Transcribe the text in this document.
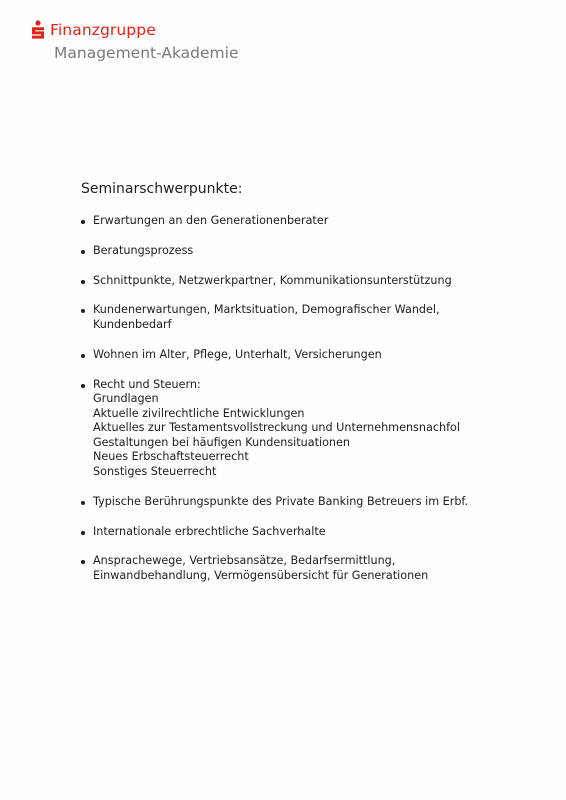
Finanzgruppe
Management-Akademie
Seminarschwerpunkte:
Erwartungen an den Generationenberater
Beratungsprozess
Schnittpunkte, Netzwerkpartner, Kommunikationsunterstützung
Kundenerwartungen, Marktsituation, Demografischer Wandel,
Kundenbedarf
Wohnen im Alter, Pflege, Unterhalt, Versicherungen
Recht und Steuern:
Grundlagen
Aktuelle zivilrechtliche Entwicklungen
Aktuelles zur Testamentsvollstreckung und Unternehmensnachfol
Gestaltungen bei häufigen Kundensituationen
Neues Erbschaftsteuerrecht
Sonstiges Steuerrecht
Typische Berührungspunkte des Private Banking Betreuers im Erbf.
Internationale erbrechtliche Sachverhalte
Ansprachewege, Vertriebsansätze, Bedarfsermittlung,
Einwandbehandlung, Vermögensübersicht für Generationen
